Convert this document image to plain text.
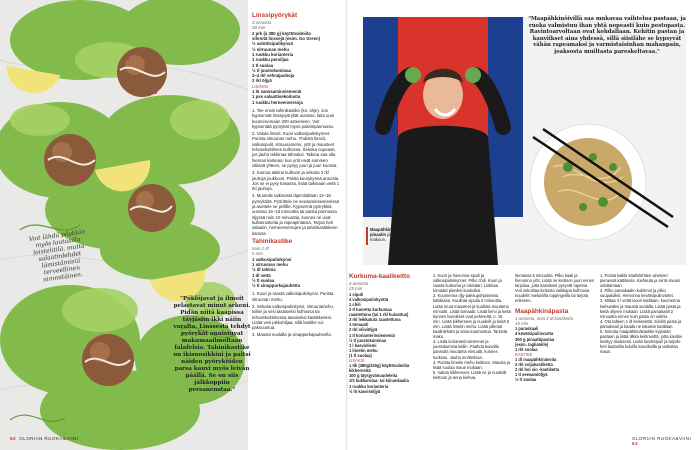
Voit lähdä pöytään
myös lautasilla
loistelitilä, mutta
salaatinlehdet
lämistämistä
terveellinen
nimmitäinen.
"Pöklöjavat ja ilmoit pelastavat minut arkeni. Pidän niitä kaapissa täyjäsiin ikki näiin varalta. Linssestä tehdyt pyörykät onnistuvat makumaailmoltaan falafelsia. Tahinikastike on ikisuosikkini ja paitsi näiden pyöryköiden parsa kauvi myös leivän päällä. Se on siis jälkkoppiin persanenstaa."
Linssipyörykät
4 annosta
30 min
2 prk (à 380 g) käyttövalmiita
vihreitä linssejä (esim. Go Green)
½ salottisipulikynsä
½ sitruunan mehu
1 ruukku korianteria
1 ruukku persiljaa
1 tl suolaa
½ tl juustokuminaa
3–4 rkl vehnäjauhoja
2 rkl öljyä
LISÄKSI
1 lö sanssaminsiemeniä
1 pss salaattisekoitusta
1 ruukku herneenversoja

1. Tee ensin tahinikastike (ks. ohje). Jos kypsennät linssipyörykät uunissa, laita uuni kuumenemaan 200 asteeseen. Voit kypsentää pyörykät myös paistinpannussa.

2. Valuta linssit. Kuori valkosipulinkynnet. Purista sitruunan mehu. Yhdistä linssit, valkosipulit, sitruunamehu, yrtit ja mausteet tehosekoittimen kulhossa. Sekoita nopeasti, jos jauho tekkinaa tahnaksi. Taikina saa olla hieman karkeaa: kun yrtit eivät sommen välissä yhteen, se pysyy juuri ja juuri koossa.

3. Kumoa taikina kulhoon ja sekoita 3 rkl jauhoja joukkoon. Paista kourykynnä annosta. Jos se ei pysy kasassa, lisää taikinaan vielä 1 rkl jauhoja.

4. Muotoile taikinasta läpimitaltaan 12–16 pyöryköitä. Pyörittele ne seesaminsiemenissä ja asettele ne pellille. Kypsennä pyörykkiä uunissa 15–18 minuuttia tai paista pannussa öljyssä noin 10 minuuttia, kunnes ne ovat kullanruskeita ja rapeapintaisia. Tarjoa heti salaatin, herneenversojen ja tahinikastikkeen kanssa.

Tahinikastike
noin 2 dl
5 min
1 valkosipulinkynsi
1 sitruunan mehu
½ dl tahinia
1 dl vettä
½ tl suolaa
½ tl sinappurkajauhetta

1. Kuori ja raasta valkosipulinkynsi. Purista sitruunan mehu.

2. Sekoita valkosipulinkynsi, sitruunamehu, tahini ja vesi tasaiseksi kulhossa tai tehosekoittimessa tasaiseksi kastikkeeksi. Lisää vesi pikkuhiljaa, sillä kastike voi paksuuntua.

3. Mausta suolalla ja sinappurkajauheella.

62 GLORIAN RUOKA&VIINI
"Maapähkinöivillä saa mukavaa vaihtelua pastaan, ja ruoka valmistuu ihan yhtä nopeasti kuin pestopasta. Ravintoarvoltaan ovat kohdallaan. Kehitin pastan ja kanviikset aina yhdessä, sillä siisilähe se kypsyvät vähän rapeamaksi ja varmistaisinhan mahanpain, joaksosta muiltasta pareskeltavaa."
Maapähkinän pelimeys sopii pinaatin ja persenäkin makuun.
Kurkuma-kaalikeitto
4 annosta
25 min
1 sipuli
4 valkosipulinkynttä
1 chili
2 tl tuoretta kurkumaa
raastettuna (tai 1 rkl kuivattua)
2 rkl leikkatuta raastettuna
1 tomaatti
2 rkl oliiviöljyä
1 tl korianterinsiemeniä
½ tl juustokuminaa
1 l kasvisliemi
1 limetin mehu
(1 tl suolaa)
LISÄKSI
1 tlk (380g/230g) käyttövalmiita kikherneitä
100 g täysjyvänuudeleita
1/2 kukkaroiaa- tai kiinankaalia
1 ruukku korianteria
½ lö kasvisöljyä
1. Kuori ja hienonna sipuli ja valkosipulinkynnet. Pilko chili. Kuori ja raasta kurkuma ja inkivääri. Leikkaa tomaatti pieniksi kuutioiksi.
2. Kuumenna öljy paksupohjaisessa kattilassa. Kuullota sipulia 2 minuuttia. Lisää muut mausteet ja kuullota muutama minuutti. Lisää tomaatti. Lisää liemi ja keitä kunnes kasvikset ovat pehmeitä, n. 15 min. Lisää kikherneet ja nuudelit ja keitä 5 min. Lisää limetin mehu. Lisää pilkotut kaalinlehdet ja anna kuumentua. Tarkista maku.
3. Lisää korianterinsiemenet ja juustokumina kaliin. Paahda kuivalla pannulla muutama minuutti, kunnes tuoksuu. Jauha morttelissa.
4. Purista limetin mehu keittoon. Mausta ja lisää suolaa maun mukaan.
5. Valuta kikherneet. Lisää ne ja nuudelit keittoon ja anna kiehua.
tiemassa 5 minuuttia. Pilko kaali ja hienonna yrtit. Lisää ne keittoon juuri ennen tarjoilua, jotta kasvikset pysyvät rapeina. Voit sekoittaa keitosta vaikkapa kulhossa nuudelit mieluisilla toppingeilla tai tarjota erikseen.
Maapähkinäpasta
4 annosta, noin 2 dl kastiketta
15 min
1 paraskaali
4 kevätsipulinvartta
300 g pinaattipastaa
(esim. tagliatelle)
1 rkl suolaa
KASTIKE
1 dl maapähkinävoita
2 rkl soijakastiketta
2 rkl hoi sin -kastiketta
1 tl seesamiöljyä
½ tl suolaa
1. Poistä kaikki kaalinlehtien ainekset pienessä kattilassa. Kiehauta ja siirrä sivuun odottamaan.
2. Pilko parsakaalin kukinnot ja pilko suupaloiksi. Hienonna kevätsipulinvartet.
3. Mittaa 4 l vettä isoon kattilaan, kuumenna kiehuvaksi ja mausta suolalla. Lisää pasta ja keitä ohjeen mukaan. Lisää parsakaali 2 minuuttia ennen kuin pasta on valmis.
4. Ota talteen 1 dl keitinvettä. Siivilöi pasta ja parsakaali ja kaada ne takaisin kattilaan.
5. Sekoita maapähkinäkastike kypsään pastaan ja lisää tilkka keitinvettä, jotta kastike levittyy tasaisesti. Lisää kevätsipuli ja tarjoile heti lautasilta kuivilla kasviksilla ja tarkistaa maun.
GLORIAN RUOKA&VIINI  63
